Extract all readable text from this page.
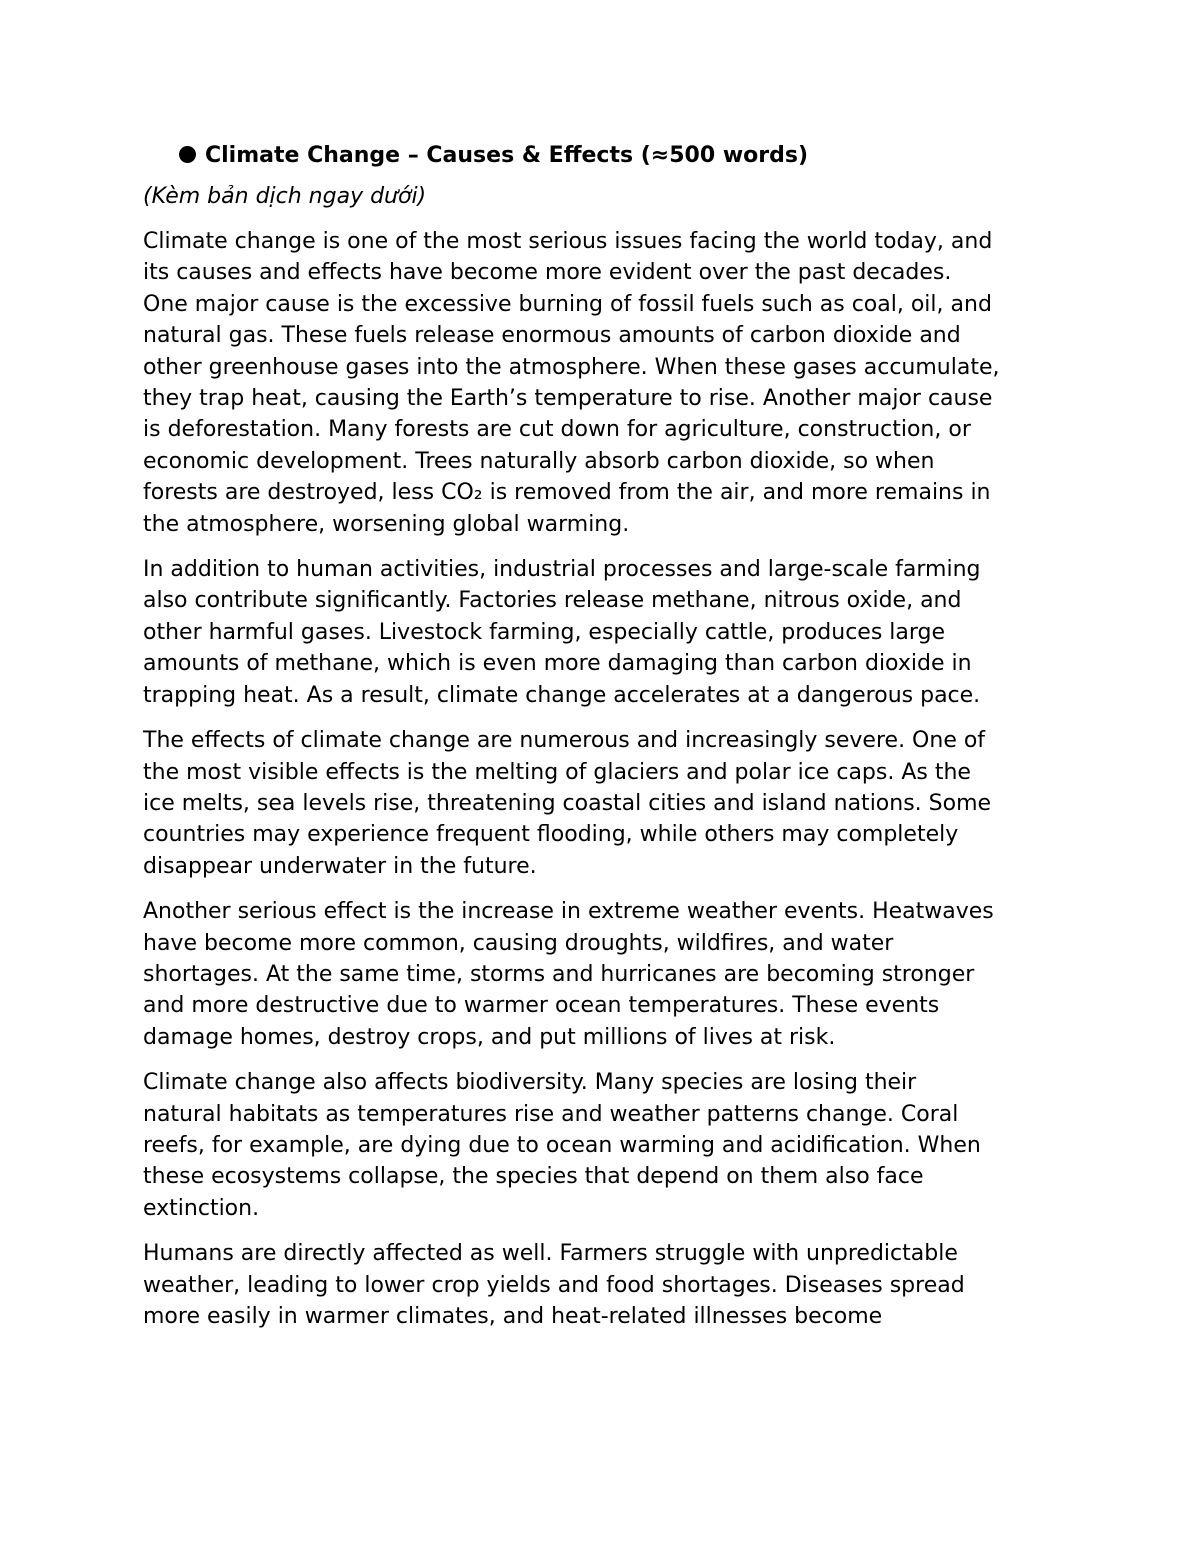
Climate Change – Causes & Effects (≈500 words)
(Kèm bản dịch ngay dưới)

Climate change is one of the most serious issues facing the world today, and
its causes and effects have become more evident over the past decades.
One major cause is the excessive burning of fossil fuels such as coal, oil, and
natural gas. These fuels release enormous amounts of carbon dioxide and
other greenhouse gases into the atmosphere. When these gases accumulate,
they trap heat, causing the Earth’s temperature to rise. Another major cause
is deforestation. Many forests are cut down for agriculture, construction, or
economic development. Trees naturally absorb carbon dioxide, so when
forests are destroyed, less CO₂ is removed from the air, and more remains in
the atmosphere, worsening global warming.

In addition to human activities, industrial processes and large-scale farming
also contribute significantly. Factories release methane, nitrous oxide, and
other harmful gases. Livestock farming, especially cattle, produces large
amounts of methane, which is even more damaging than carbon dioxide in
trapping heat. As a result, climate change accelerates at a dangerous pace.

The effects of climate change are numerous and increasingly severe. One of
the most visible effects is the melting of glaciers and polar ice caps. As the
ice melts, sea levels rise, threatening coastal cities and island nations. Some
countries may experience frequent flooding, while others may completely
disappear underwater in the future.

Another serious effect is the increase in extreme weather events. Heatwaves
have become more common, causing droughts, wildfires, and water
shortages. At the same time, storms and hurricanes are becoming stronger
and more destructive due to warmer ocean temperatures. These events
damage homes, destroy crops, and put millions of lives at risk.

Climate change also affects biodiversity. Many species are losing their
natural habitats as temperatures rise and weather patterns change. Coral
reefs, for example, are dying due to ocean warming and acidification. When
these ecosystems collapse, the species that depend on them also face
extinction.

Humans are directly affected as well. Farmers struggle with unpredictable
weather, leading to lower crop yields and food shortages. Diseases spread
more easily in warmer climates, and heat-related illnesses become
